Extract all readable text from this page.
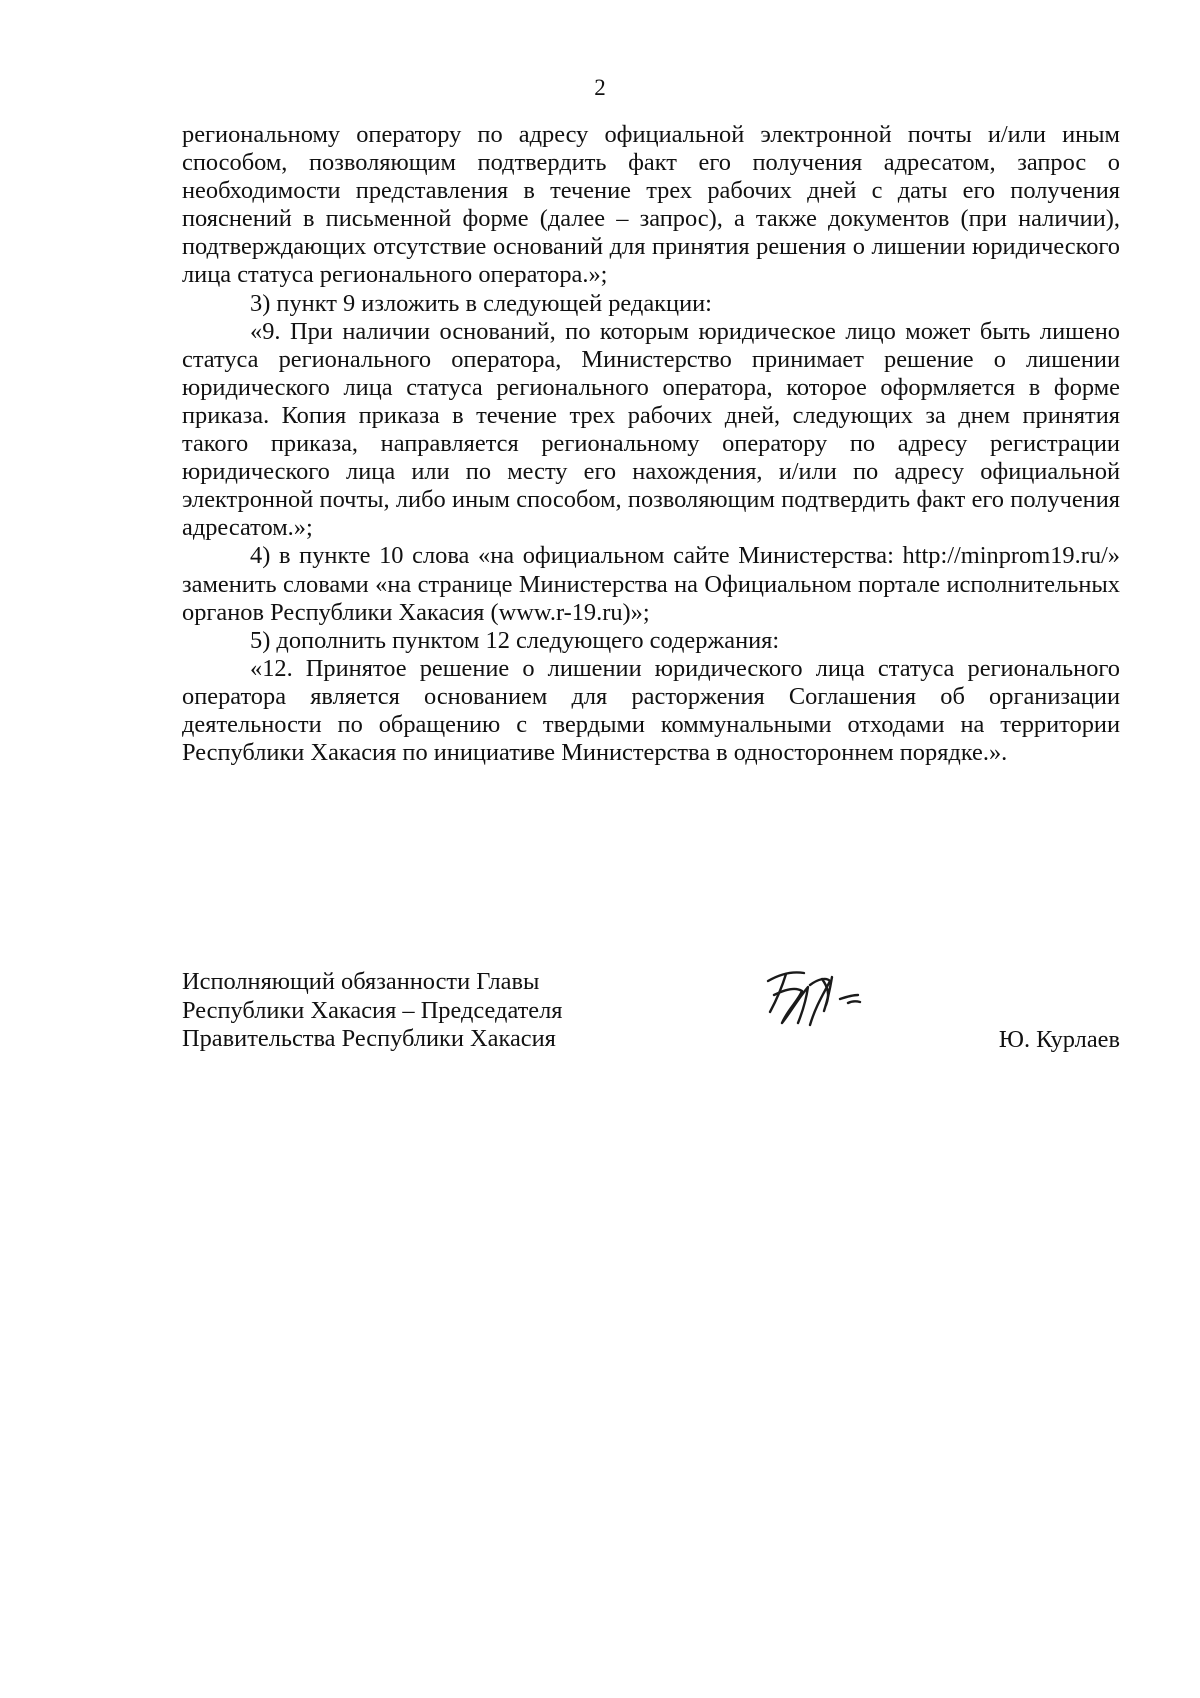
2

региональному оператору по адресу официальной электронной почты и/или иным способом, позволяющим подтвердить факт его получения адресатом, запрос о необходимости представления в течение трех рабочих дней с даты его получения пояснений в письменной форме (далее – запрос), а также документов (при наличии), подтверждающих отсутствие оснований для принятия решения о лишении юридического лица статуса регионального оператора.»;

3) пункт 9 изложить в следующей редакции:

«9. При наличии оснований, по которым юридическое лицо может быть лишено статуса регионального оператора, Министерство принимает решение о лишении юридического лица статуса регионального оператора, которое оформляется в форме приказа. Копия приказа в течение трех рабочих дней, следующих за днем принятия такого приказа, направляется региональному оператору по адресу регистрации юридического лица или по месту его нахождения, и/или по адресу официальной электронной почты, либо иным способом, позволяющим подтвердить факт его получения адресатом.»;

4) в пункте 10 слова «на официальном сайте Министерства: http://minprom19.ru/» заменить словами «на странице Министерства на Официальном портале исполнительных органов Республики Хакасия (www.r-19.ru)»;

5) дополнить пунктом 12 следующего содержания:

«12. Принятое решение о лишении юридического лица статуса регионального оператора является основанием для расторжения Соглашения об организации деятельности по обращению с твердыми коммунальными отходами на территории Республики Хакасия по инициативе Министерства в одностороннем порядке.».

Исполняющий обязанности Главы
Республики Хакасия – Председателя
Правительства Республики Хакасия	Ю. Курлаев
